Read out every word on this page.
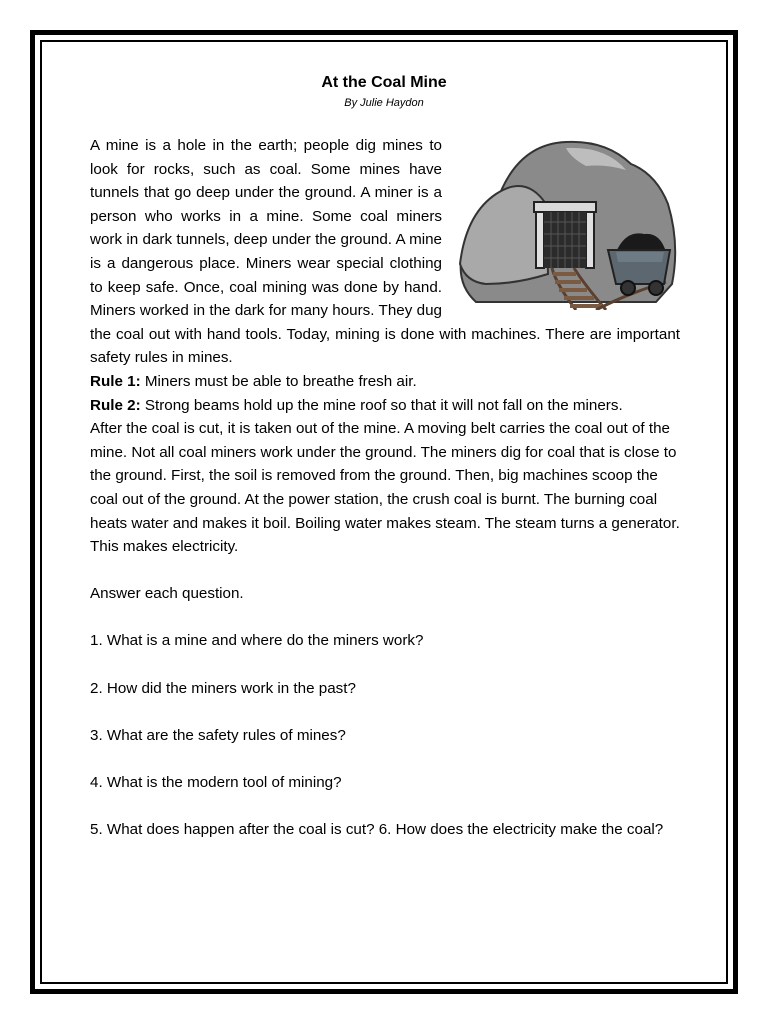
At the Coal Mine
By Julie Haydon

A mine is a hole in the earth; people dig mines to look for rocks, such as coal. Some mines have tunnels that go deep under the ground. A miner is a person who works in a mine. Some coal miners work in dark tunnels, deep under the ground. A mine is a dangerous place. Miners wear special clothing to keep safe. Once, coal mining was done by hand. Miners worked in the dark for many hours. They dug the coal out with hand tools. Today, mining is done with machines. There are important safety rules in mines.

Rule 1: Miners must be able to breathe fresh air.

Rule 2: Strong beams hold up the mine roof so that it will not fall on the miners.

After the coal is cut, it is taken out of the mine. A moving belt carries the coal out of the mine. Not all coal miners work under the ground. The miners dig for coal that is close to the ground. First, the soil is removed from the ground. Then, big machines scoop the coal out of the ground. At the power station, the crush coal is burnt. The burning coal heats water and makes it boil. Boiling water makes steam. The steam turns a generator. This makes electricity.

Answer each question.

1. What is a mine and where do the miners work?

2. How did the miners work in the past?

3. What are the safety rules of mines?

4. What is the modern tool of mining?

5. What does happen after the coal is cut? 6. How does the electricity make the coal?
